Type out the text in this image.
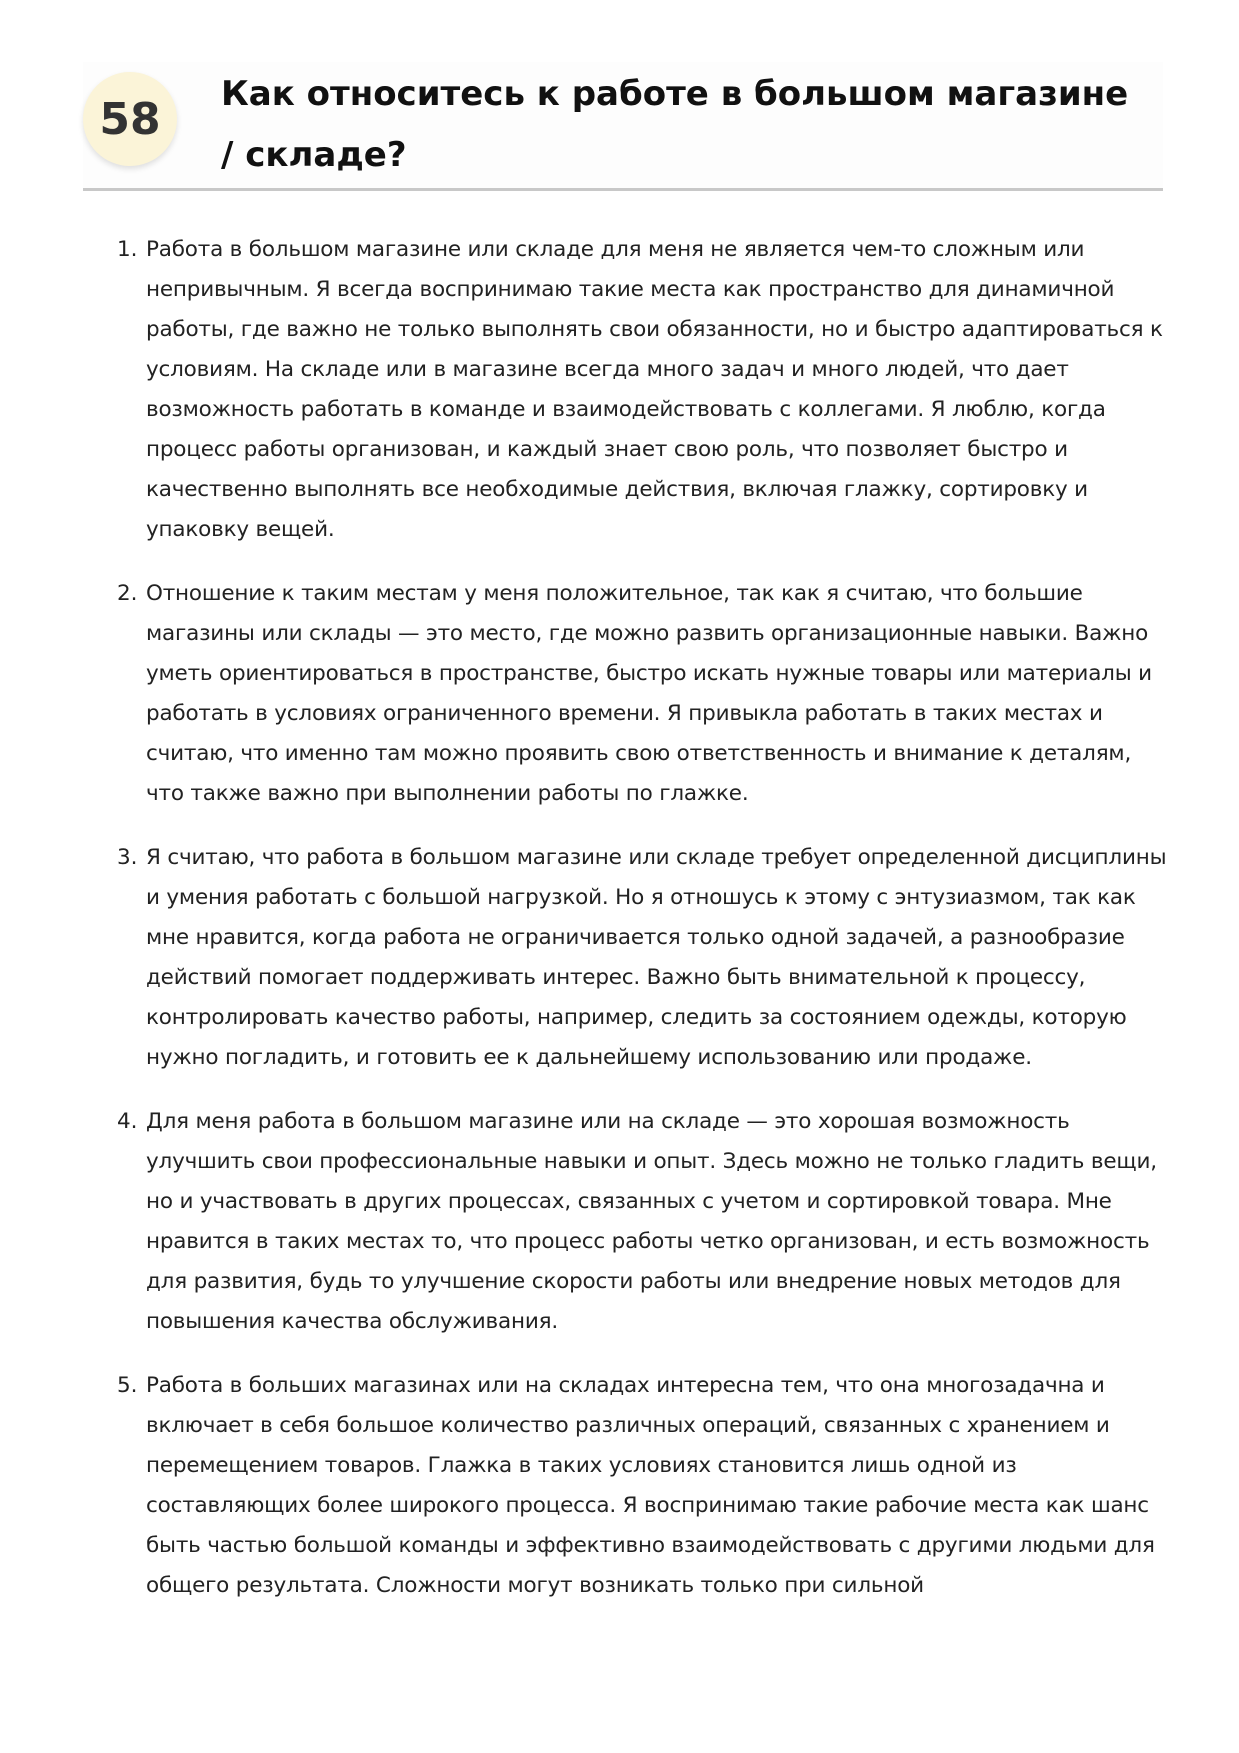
58	Как относитесь к работе в большом магазине / складе?
1. Работа в большом магазине или складе для меня не является чем-то сложным или непривычным. Я всегда воспринимаю такие места как пространство для динамичной работы, где важно не только выполнять свои обязанности, но и быстро адаптироваться к условиям. На складе или в магазине всегда много задач и много людей, что дает возможность работать в команде и взаимодействовать с коллегами. Я люблю, когда процесс работы организован, и каждый знает свою роль, что позволяет быстро и качественно выполнять все необходимые действия, включая глажку, сортировку и упаковку вещей.
2. Отношение к таким местам у меня положительное, так как я считаю, что большие магазины или склады — это место, где можно развить организационные навыки. Важно уметь ориентироваться в пространстве, быстро искать нужные товары или материалы и работать в условиях ограниченного времени. Я привыкла работать в таких местах и считаю, что именно там можно проявить свою ответственность и внимание к деталям, что также важно при выполнении работы по глажке.
3. Я считаю, что работа в большом магазине или складе требует определенной дисциплины и умения работать с большой нагрузкой. Но я отношусь к этому с энтузиазмом, так как мне нравится, когда работа не ограничивается только одной задачей, а разнообразие действий помогает поддерживать интерес. Важно быть внимательной к процессу, контролировать качество работы, например, следить за состоянием одежды, которую нужно погладить, и готовить ее к дальнейшему использованию или продаже.
4. Для меня работа в большом магазине или на складе — это хорошая возможность улучшить свои профессиональные навыки и опыт. Здесь можно не только гладить вещи, но и участвовать в других процессах, связанных с учетом и сортировкой товара. Мне нравится в таких местах то, что процесс работы четко организован, и есть возможность для развития, будь то улучшение скорости работы или внедрение новых методов для повышения качества обслуживания.
5. Работа в больших магазинах или на складах интересна тем, что она многозадачна и включает в себя большое количество различных операций, связанных с хранением и перемещением товаров. Глажка в таких условиях становится лишь одной из составляющих более широкого процесса. Я воспринимаю такие рабочие места как шанс быть частью большой команды и эффективно взаимодействовать с другими людьми для общего результата. Сложности могут возникать только при сильной
